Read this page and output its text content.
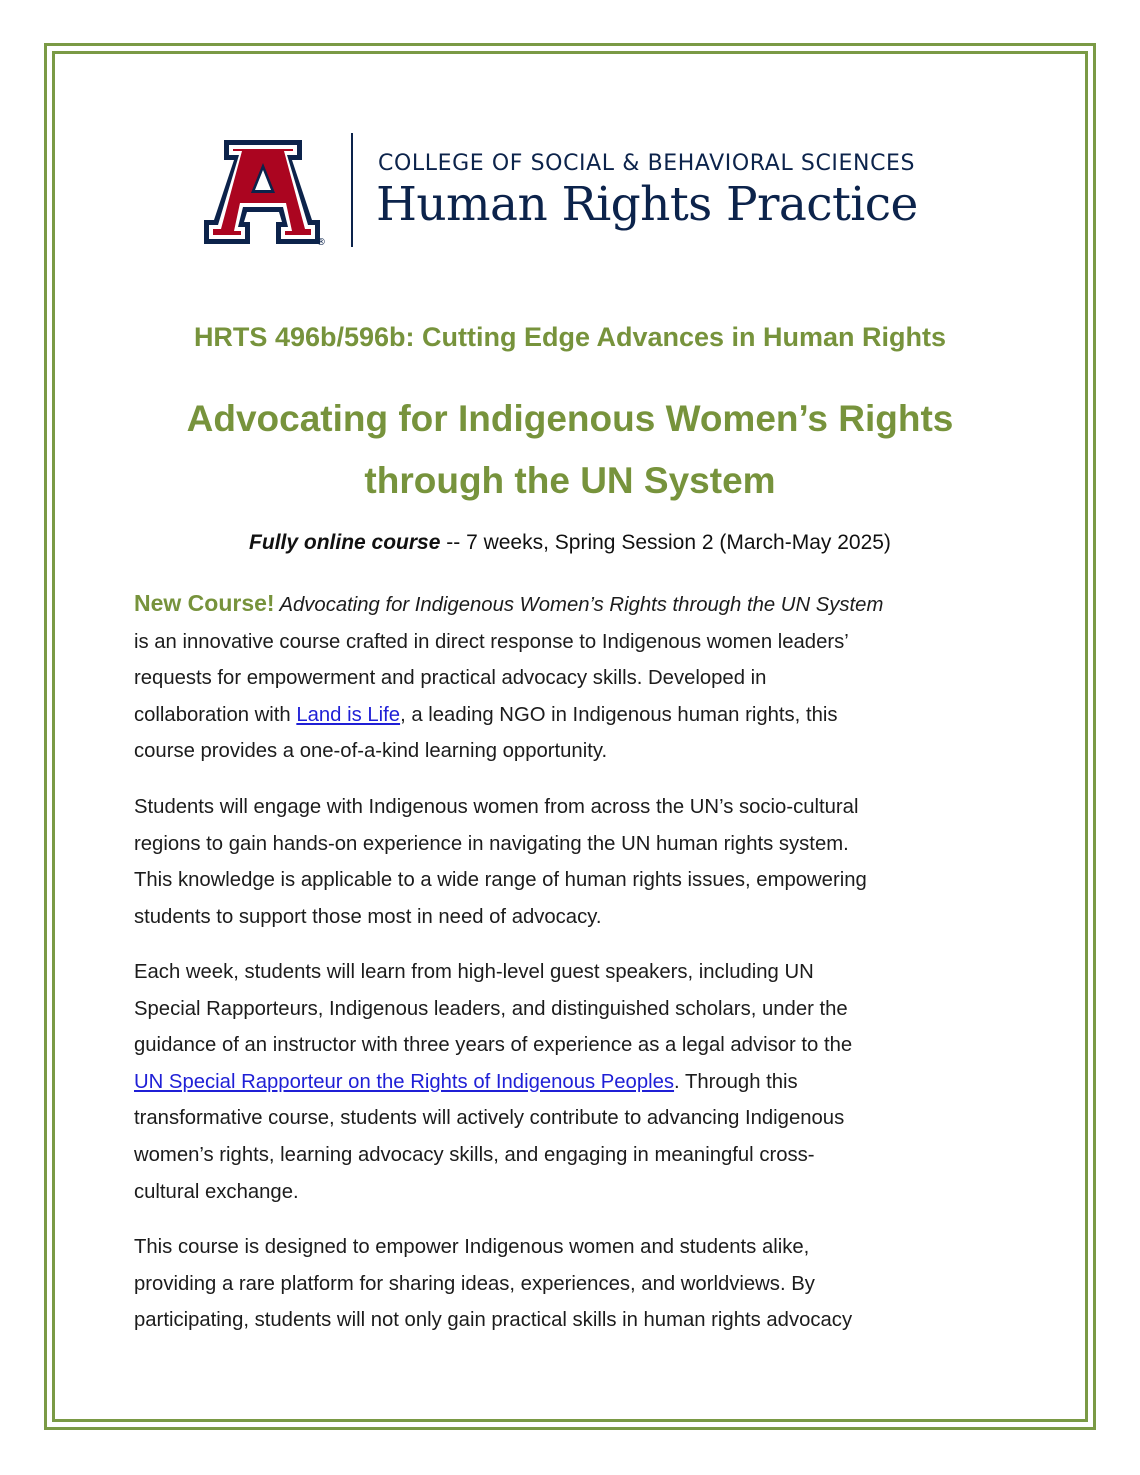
®
COLLEGE OF SOCIAL & BEHAVIORAL SCIENCES
Human Rights Practice
HRTS 496b/596b: Cutting Edge Advances in Human Rights
Advocating for Indigenous Women’s Rights
through the UN System
Fully online course -- 7 weeks, Spring Session 2 (March-May 2025)
New Course! Advocating for Indigenous Women’s Rights through the UN System
is an innovative course crafted in direct response to Indigenous women leaders’
requests for empowerment and practical advocacy skills. Developed in
collaboration with Land is Life, a leading NGO in Indigenous human rights, this
course provides a one-of-a-kind learning opportunity.
Students will engage with Indigenous women from across the UN’s socio-cultural
regions to gain hands-on experience in navigating the UN human rights system.
This knowledge is applicable to a wide range of human rights issues, empowering
students to support those most in need of advocacy.
Each week, students will learn from high-level guest speakers, including UN
Special Rapporteurs, Indigenous leaders, and distinguished scholars, under the
guidance of an instructor with three years of experience as a legal advisor to the
UN Special Rapporteur on the Rights of Indigenous Peoples. Through this
transformative course, students will actively contribute to advancing Indigenous
women’s rights, learning advocacy skills, and engaging in meaningful cross-
cultural exchange.
This course is designed to empower Indigenous women and students alike,
providing a rare platform for sharing ideas, experiences, and worldviews. By
participating, students will not only gain practical skills in human rights advocacy
